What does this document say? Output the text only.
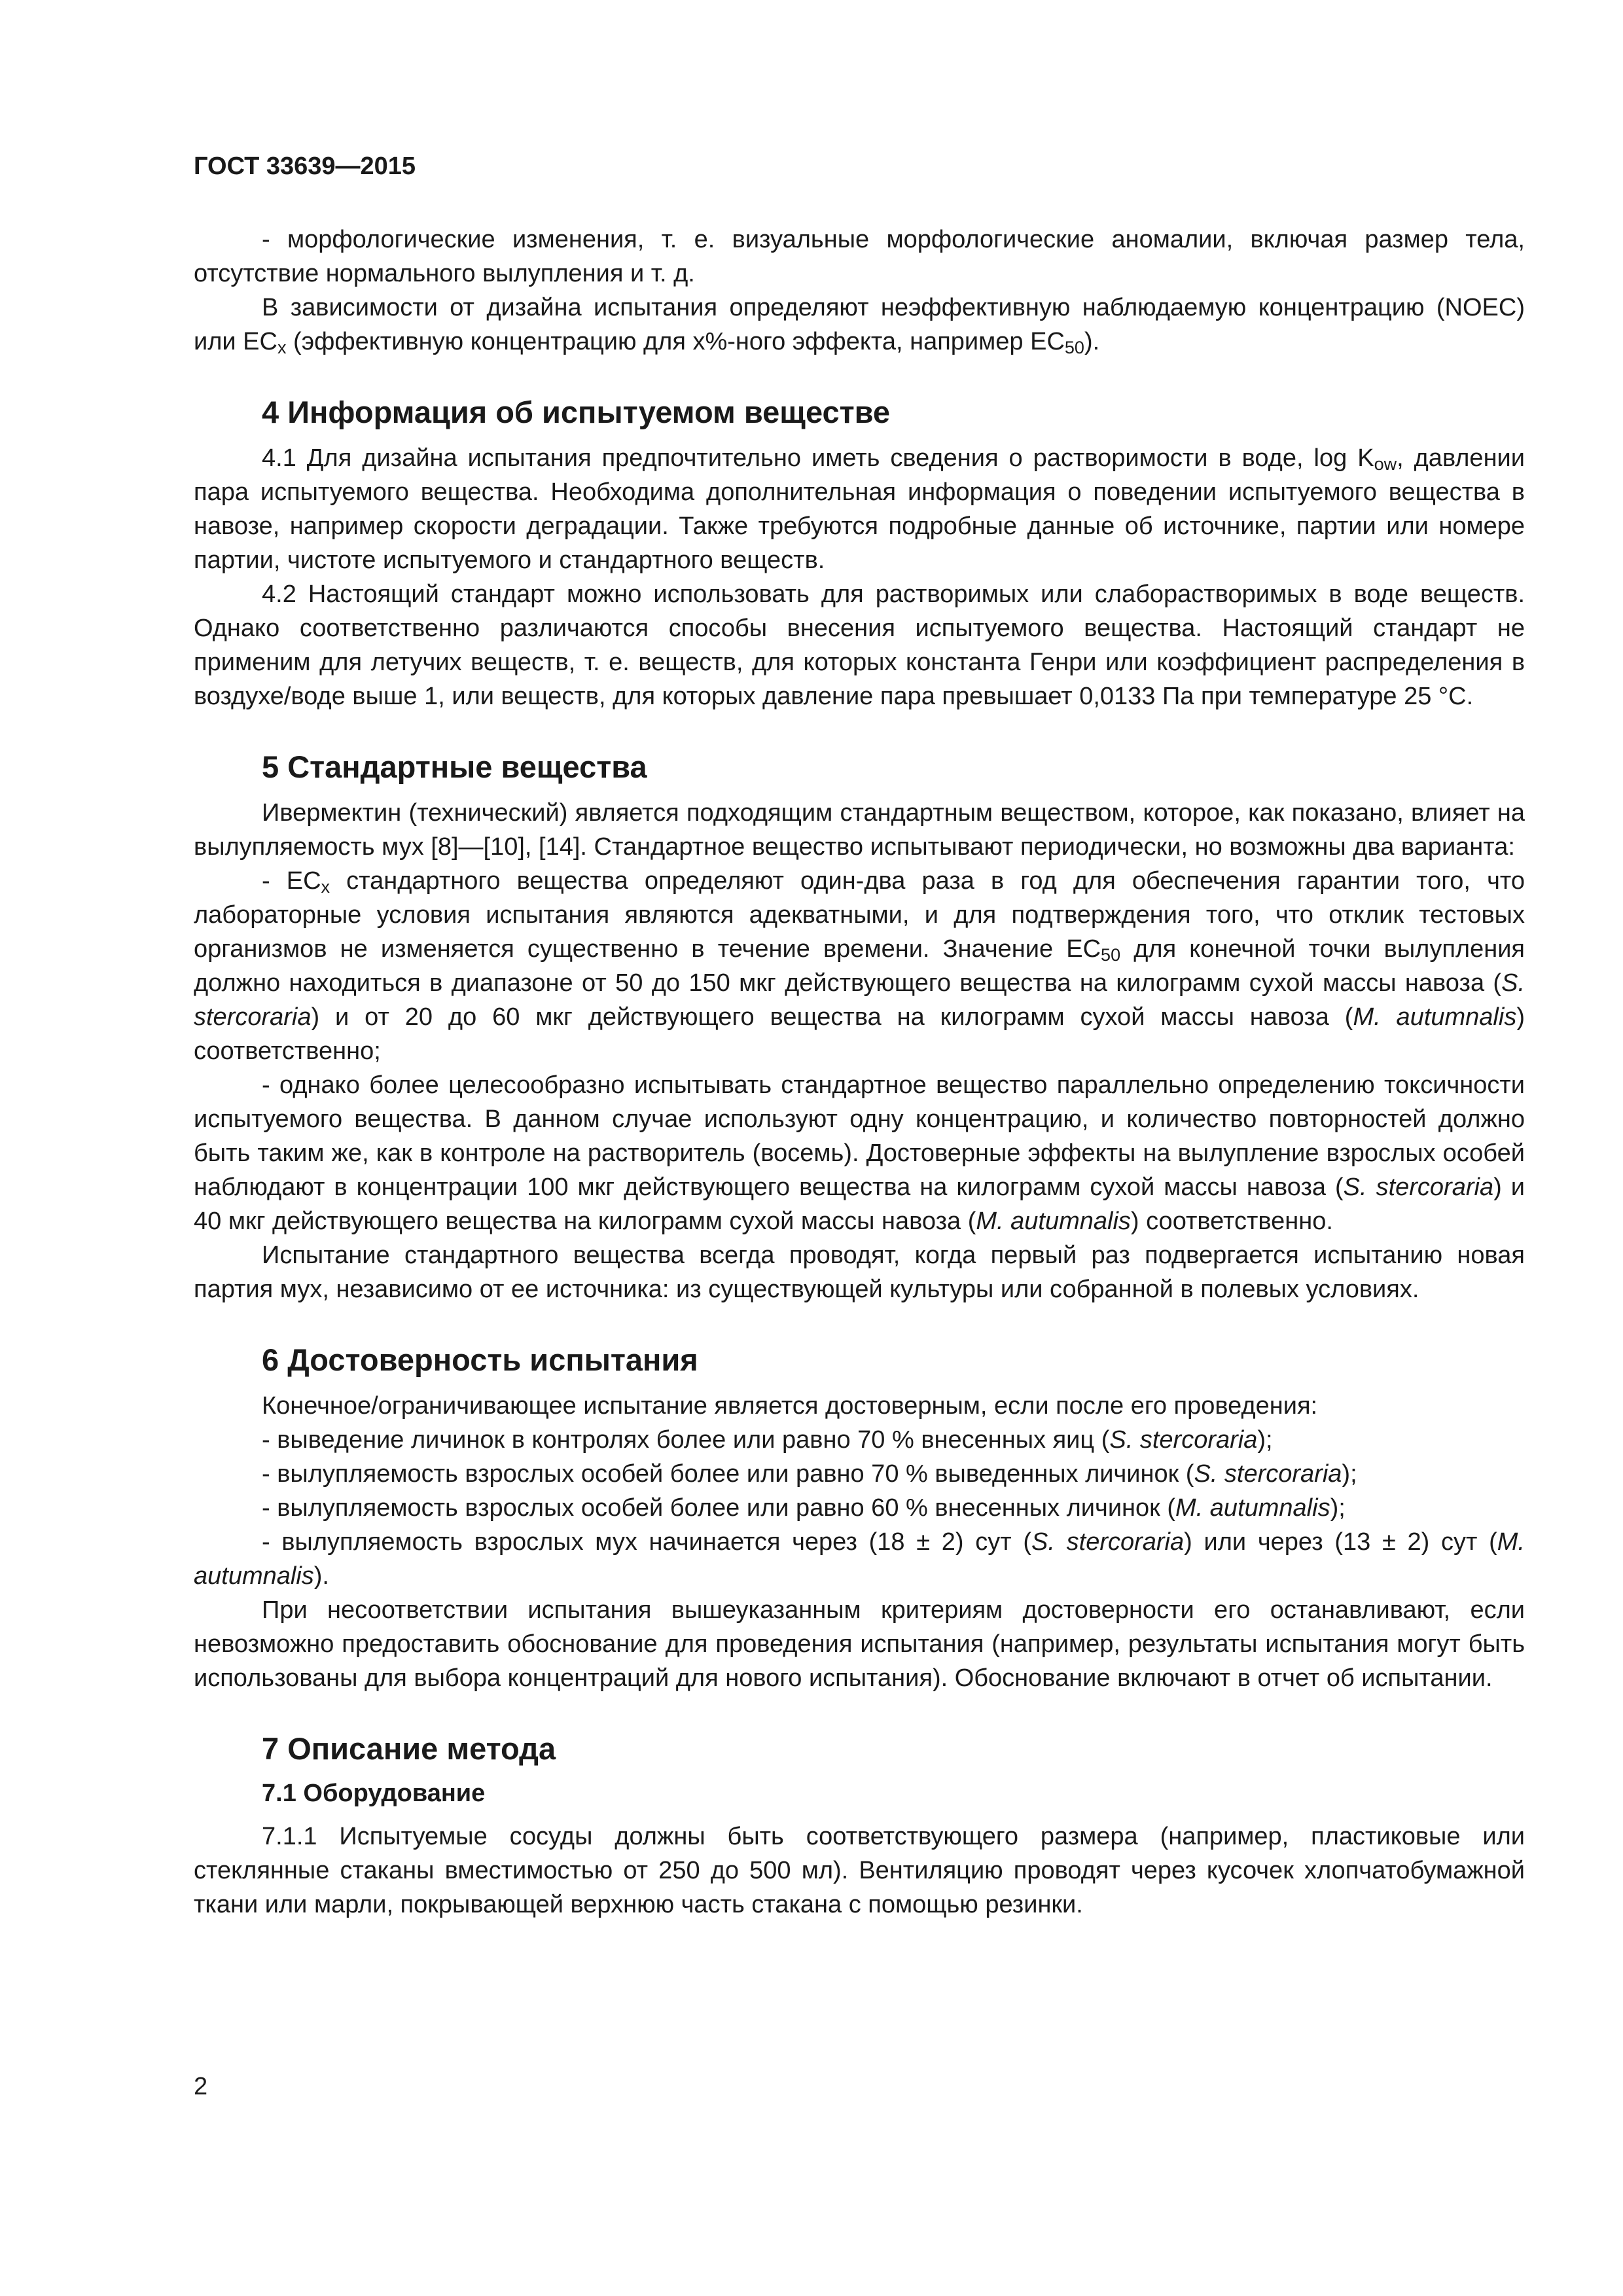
ГОСТ 33639—2015

- морфологические изменения, т. е. визуальные морфологические аномалии, включая размер тела, отсутствие нормального вылупления и т. д.

В зависимости от дизайна испытания определяют неэффективную наблюдаемую концентрацию (NOEC) или $EC_x$ (эффективную концентрацию для х%-ного эффекта, например $EC_{50}$).

4 Информация об испытуемом веществе

4.1 Для дизайна испытания предпочтительно иметь сведения о растворимости в воде, $\log K_{ow}$, давлении пара испытуемого вещества. Необходима дополнительная информация о поведении испытуемого вещества в навозе, например скорости деградации. Также требуются подробные данные об источнике, партии или номере партии, чистоте испытуемого и стандартного веществ.

4.2 Настоящий стандарт можно использовать для растворимых или слаборастворимых в воде веществ. Однако соответственно различаются способы внесения испытуемого вещества. Настоящий стандарт не применим для летучих веществ, т. е. веществ, для которых константа Генри или коэффициент распределения в воздухе/воде выше 1, или веществ, для которых давление пара превышает 0,0133 Па при температуре 25 °С.

5 Стандартные вещества

Ивермектин (технический) является подходящим стандартным веществом, которое, как показано, влияет на вылупляемость мух [8]—[10], [14]. Стандартное вещество испытывают периодически, но возможны два варианта:

- $EC_x$ стандартного вещества определяют один-два раза в год для обеспечения гарантии того, что лабораторные условия испытания являются адекватными, и для подтверждения того, что отклик тестовых организмов не изменяется существенно в течение времени. Значение $EC_{50}$ для конечной точки вылупления должно находиться в диапазоне от 50 до 150 мкг действующего вещества на килограмм сухой массы навоза (S. stercoraria) и от 20 до 60 мкг действующего вещества на килограмм сухой массы навоза (M. autumnalis) соответственно;

- однако более целесообразно испытывать стандартное вещество параллельно определению токсичности испытуемого вещества. В данном случае используют одну концентрацию, и количество повторностей должно быть таким же, как в контроле на растворитель (восемь). Достоверные эффекты на вылупление взрослых особей наблюдают в концентрации 100 мкг действующего вещества на килограмм сухой массы навоза (S. stercoraria) и 40 мкг действующего вещества на килограмм сухой массы навоза (M. autumnalis) соответственно.

Испытание стандартного вещества всегда проводят, когда первый раз подвергается испытанию новая партия мух, независимо от ее источника: из существующей культуры или собранной в полевых условиях.

6 Достоверность испытания

Конечное/ограничивающее испытание является достоверным, если после его проведения:

- выведение личинок в контролях более или равно 70 % внесенных яиц (S. stercoraria);

- вылупляемость взрослых особей более или равно 70 % выведенных личинок (S. stercoraria);

- вылупляемость взрослых особей более или равно 60 % внесенных личинок (M. autumnalis);

- вылупляемость взрослых мух начинается через (18 ± 2) сут (S. stercoraria) или через (13 ± 2) сут (M. autumnalis).

При несоответствии испытания вышеуказанным критериям достоверности его останавливают, если невозможно предоставить обоснование для проведения испытания (например, результаты испытания могут быть использованы для выбора концентраций для нового испытания). Обоснование включают в отчет об испытании.

7 Описание метода
7.1 Оборудование

7.1.1 Испытуемые сосуды должны быть соответствующего размера (например, пластиковые или стеклянные стаканы вместимостью от 250 до 500 мл). Вентиляцию проводят через кусочек хлопчатобумажной ткани или марли, покрывающей верхнюю часть стакана с помощью резинки.

2
